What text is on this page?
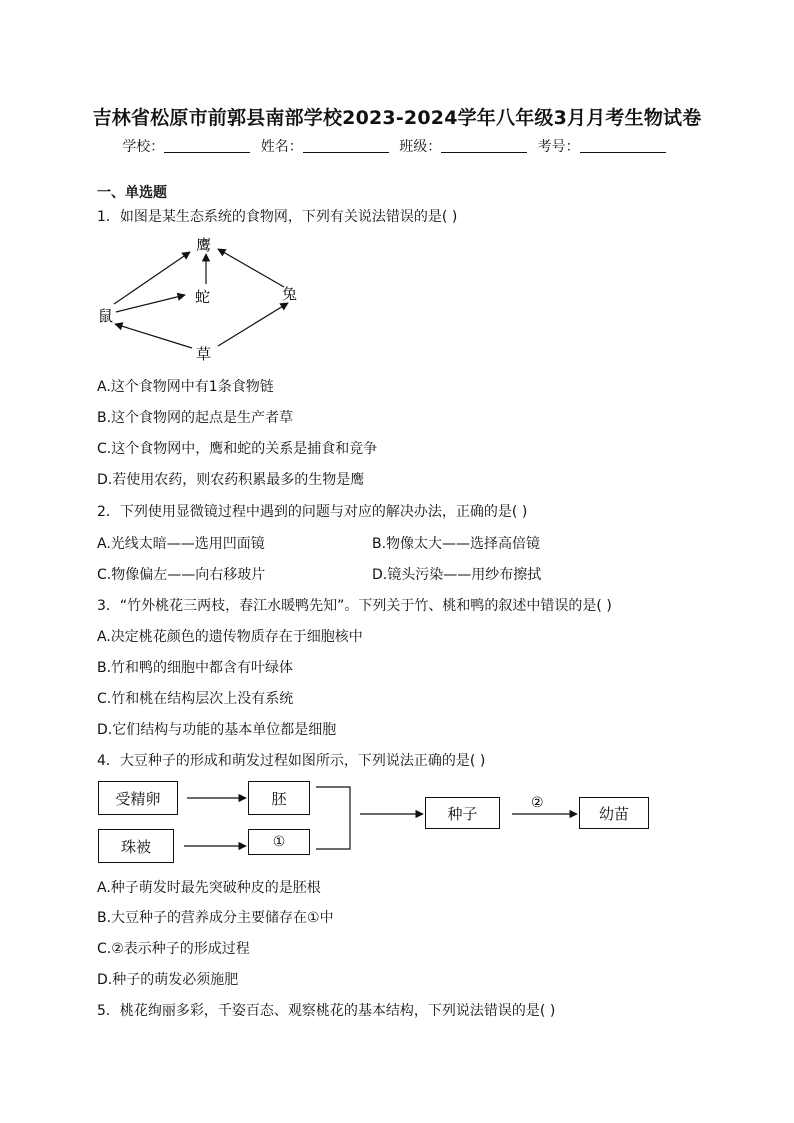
吉林省松原市前郭县南部学校2023-2024学年八年级3月月考生物试卷
学校：	姓名：	班级：	考号：
一、单选题
1．如图是某生态系统的食物网，下列有关说法错误的是( )
鹰
蛇	兔
鼠
草
A.这个食物网中有1条食物链
B.这个食物网的起点是生产者草
C.这个食物网中，鹰和蛇的关系是捕食和竞争
D.若使用农药，则农药积累最多的生物是鹰
2．下列使用显微镜过程中遇到的问题与对应的解决办法，正确的是( )
A.光线太暗——选用凹面镜	B.物像太大——选择高倍镜
C.物像偏左——向右移玻片	D.镜头污染——用纱布擦拭
3．“竹外桃花三两枝，春江水暖鸭先知”。下列关于竹、桃和鸭的叙述中错误的是( )
A.决定桃花颜色的遗传物质存在于细胞核中
B.竹和鸭的细胞中都含有叶绿体
C.竹和桃在结构层次上没有系统
D.它们结构与功能的基本单位都是细胞
4．大豆种子的形成和萌发过程如图所示，下列说法正确的是( )
受精卵	胚
珠被	①
种子	幼苗
②
A.种子萌发时最先突破种皮的是胚根
B.大豆种子的营养成分主要储存在①中
C.②表示种子的形成过程
D.种子的萌发必须施肥
5．桃花绚丽多彩，千姿百态、观察桃花的基本结构，下列说法错误的是( )
